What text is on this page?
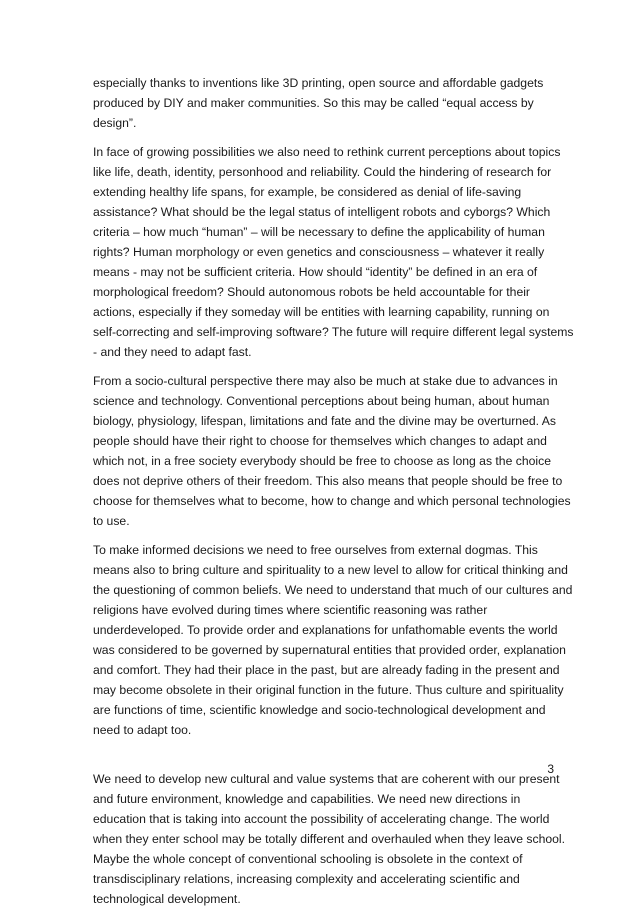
especially thanks to inventions like 3D printing, open source and affordable gadgets produced by DIY and maker communities. So this may be called “equal access by design”.

In face of growing possibilities we also need to rethink current perceptions about topics like life, death, identity, personhood and reliability. Could the hindering of research for extending healthy life spans, for example, be considered as denial of life-saving assistance? What should be the legal status of intelligent robots and cyborgs? Which criteria – how much “human” – will be necessary to define the applicability of human rights? Human morphology or even genetics and consciousness – whatever it really means - may not be sufficient criteria. How should “identity” be defined in an era of morphological freedom? Should autonomous robots be held accountable for their actions, especially if they someday will be entities with learning capability, running on self-correcting and self-improving software? The future will require different legal systems - and they need to adapt fast.

From a socio-cultural perspective there may also be much at stake due to advances in science and technology. Conventional perceptions about being human, about human biology, physiology, lifespan, limitations and fate and the divine may be overturned. As people should have their right to choose for themselves which changes to adapt and which not, in a free society everybody should be free to choose as long as the choice does not deprive others of their freedom. This also means that people should be free to choose for themselves what to become, how to change and which personal technologies to use.

To make informed decisions we need to free ourselves from external dogmas. This means also to bring culture and spirituality to a new level to allow for critical thinking and the questioning of common beliefs. We need to understand that much of our cultures and religions have evolved during times where scientific reasoning was rather underdeveloped. To provide order and explanations for unfathomable events the world was considered to be governed by supernatural entities that provided order, explanation and comfort. They had their place in the past, but are already fading in the present and may become obsolete in their original function in the future. Thus culture and spirituality are functions of time, scientific knowledge and socio-technological development and need to adapt too.

We need to develop new cultural and value systems that are coherent with our present and future environment, knowledge and capabilities. We need new directions in education that is taking into account the possibility of accelerating change. The world when they enter school may be totally different and overhauled when they leave school. Maybe the whole concept of conventional schooling is obsolete in the context of transdisciplinary relations, increasing complexity and accelerating scientific and technological development.

3
